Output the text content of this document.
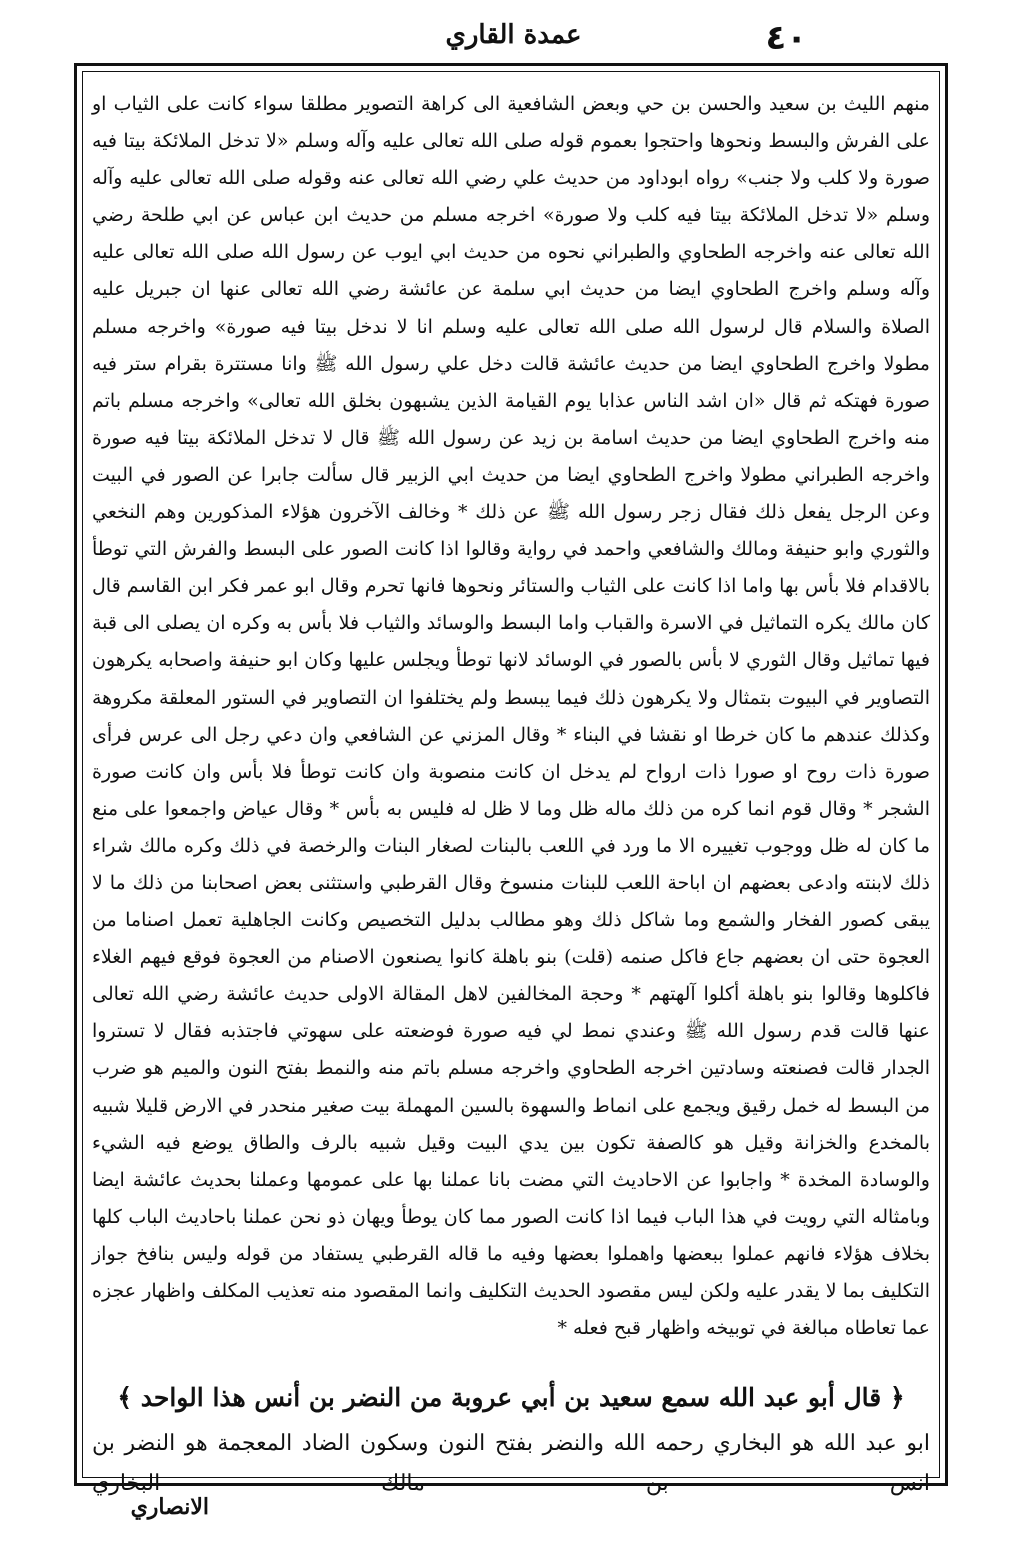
عمدة القاري	٤٠

منهم الليث بن سعيد والحسن بن حي وبعض الشافعية الى كراهة التصوير مطلقا سواء كانت على الثياب او على الفرش والبسط ونحوها واحتجوا بعموم قوله صلى الله تعالى عليه وآله وسلم «لا تدخل الملائكة بيتا فيه صورة ولا كلب ولا جنب» رواه ابوداود من حديث علي رضي الله تعالى عنه وقوله صلى الله تعالى عليه وآله وسلم «لا تدخل الملائكة بيتا فيه كلب ولا صورة» اخرجه مسلم من حديث ابن عباس عن ابي طلحة رضي الله تعالى عنه واخرجه الطحاوي والطبراني نحوه من حديث ابي ايوب عن رسول الله صلى الله تعالى عليه وآله وسلم واخرج الطحاوي ايضا من حديث ابي سلمة عن عائشة رضي الله تعالى عنها ان جبريل عليه الصلاة والسلام قال لرسول الله صلى الله تعالى عليه وسلم انا لا ندخل بيتا فيه صورة» واخرجه مسلم مطولا واخرج الطحاوي ايضا من حديث عائشة قالت دخل علي رسول الله ﷺ وانا مستترة بقرام ستر فيه صورة فهتكه ثم قال «ان اشد الناس عذابا يوم القيامة الذين يشبهون بخلق الله تعالى» واخرجه مسلم باتم منه واخرج الطحاوي ايضا من حديث اسامة بن زيد عن رسول الله ﷺ قال لا تدخل الملائكة بيتا فيه صورة واخرجه الطبراني مطولا واخرج الطحاوي ايضا من حديث ابي الزبير قال سألت جابرا عن الصور في البيت وعن الرجل يفعل ذلك فقال زجر رسول الله ﷺ عن ذلك * وخالف الآخرون هؤلاء المذكورين وهم النخعي والثوري وابو حنيفة ومالك والشافعي واحمد في رواية وقالوا اذا كانت الصور على البسط والفرش التي توطأ بالاقدام فلا بأس بها واما اذا كانت على الثياب والستائر ونحوها فانها تحرم وقال ابو عمر فكر ابن القاسم قال كان مالك يكره التماثيل في الاسرة والقباب واما البسط والوسائد والثياب فلا بأس به وكره ان يصلى الى قبة فيها تماثيل وقال الثوري لا بأس بالصور في الوسائد لانها توطأ ويجلس عليها وكان ابو حنيفة واصحابه يكرهون التصاوير في البيوت بتمثال ولا يكرهون ذلك فيما يبسط ولم يختلفوا ان التصاوير في الستور المعلقة مكروهة وكذلك عندهم ما كان خرطا او نقشا في البناء * وقال المزني عن الشافعي وان دعي رجل الى عرس فرأى صورة ذات روح او صورا ذات ارواح لم يدخل ان كانت منصوبة وان كانت توطأ فلا بأس وان كانت صورة الشجر * وقال قوم انما كره من ذلك ماله ظل وما لا ظل له فليس به بأس * وقال عياض واجمعوا على منع ما كان له ظل ووجوب تغييره الا ما ورد في اللعب بالبنات لصغار البنات والرخصة في ذلك وكره مالك شراء ذلك لابنته وادعى بعضهم ان اباحة اللعب للبنات منسوخ وقال القرطبي واستثنى بعض اصحابنا من ذلك ما لا يبقى كصور الفخار والشمع وما شاكل ذلك وهو مطالب بدليل التخصيص وكانت الجاهلية تعمل اصناما من العجوة حتى ان بعضهم جاع فاكل صنمه (قلت) بنو باهلة كانوا يصنعون الاصنام من العجوة فوقع فيهم الغلاء فاكلوها وقالوا بنو باهلة أكلوا آلهتهم * وحجة المخالفين لاهل المقالة الاولى حديث عائشة رضي الله تعالى عنها قالت قدم رسول الله ﷺ وعندي نمط لي فيه صورة فوضعته على سهوتي فاجتذبه فقال لا تستروا الجدار قالت فصنعته وسادتين اخرجه الطحاوي واخرجه مسلم باتم منه والنمط بفتح النون والميم هو ضرب من البسط له خمل رقيق ويجمع على انماط والسهوة بالسين المهملة بيت صغير منحدر في الارض قليلا شبيه بالمخدع والخزانة وقيل هو كالصفة تكون بين يدي البيت وقيل شبيه بالرف والطاق يوضع فيه الشيء والوسادة المخدة * واجابوا عن الاحاديث التي مضت بانا عملنا بها على عمومها وعملنا بحديث عائشة ايضا وبامثاله التي رويت في هذا الباب فيما اذا كانت الصور مما كان يوطأ ويهان ذو نحن عملنا باحاديث الباب كلها بخلاف هؤلاء فانهم عملوا ببعضها واهملوا بعضها وفيه ما قاله القرطبي يستفاد من قوله وليس بنافخ جواز التكليف بما لا يقدر عليه ولكن ليس مقصود الحديث التكليف وانما المقصود منه تعذيب المكلف واظهار عجزه عما تعاطاه مبالغة في توبيخه واظهار قبح فعله *

﴿ قال أبو عبد الله سمع سعيد بن أبي عروبة من النضر بن أنس هذا الواحد ﴾
ابو عبد الله هو البخاري رحمه الله والنضر بفتح النون وسكون الضاد المعجمة هو النضر بن انس بن مالك البخاري
الانصاري
